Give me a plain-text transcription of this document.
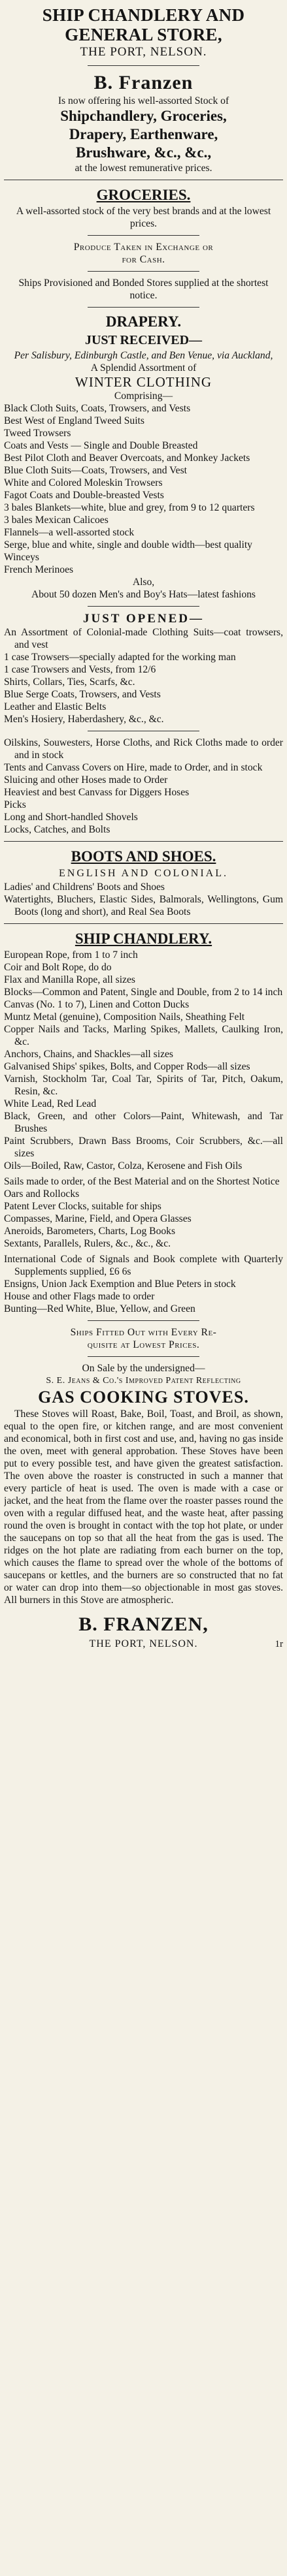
SHIP CHANDLERY AND
GENERAL STORE,
THE PORT, NELSON.
B. Franzen
Is now offering his well-assorted Stock of
Shipchandlery, Groceries,
Drapery, Earthenware,
Brushware, &c., &c.,
at the lowest remunerative prices.
GROCERIES.
A well-assorted stock of the very best brands and at the lowest prices.
Produce Taken in Exchange or
for Cash.
Ships Provisioned and Bonded Stores supplied at the shortest notice.
DRAPERY.
JUST RECEIVED—
Per Salisbury, Edinburgh Castle, and Ben Venue, via Auckland,
A Splendid Assortment of
WINTER CLOTHING
Comprising—
Black Cloth Suits, Coats, Trowsers, and Vests
Best West of England Tweed Suits
Tweed Trowsers
Coats and Vests — Single and Double Breasted
Best Pilot Cloth and Beaver Overcoats, and Monkey Jackets
Blue Cloth Suits—Coats, Trowsers, and Vest
White and Colored Moleskin Trowsers
Fagot Coats and Double-breasted Vests
3 bales Blankets—white, blue and grey, from 9 to 12 quarters
3 bales Mexican Calicoes
Flannels—a well-assorted stock
Serge, blue and white, single and double width—best quality
Winceys
French Merinoes
Also,
About 50 dozen Men's and Boy's Hats—latest fashions
JUST OPENED—
An Assortment of Colonial-made Clothing Suits—coat trowsers, and vest
1 case Trowsers—specially adapted for the working man
1 case Trowsers and Vests, from 12/6
Shirts, Collars, Ties, Scarfs, &c.
Blue Serge Coats, Trowsers, and Vests
Leather and Elastic Belts
Men's Hosiery, Haberdashery, &c., &c.
Oilskins, Souwesters, Horse Cloths, and Rick Cloths made to order and in stock
Tents and Canvass Covers on Hire, made to Order, and in stock
Sluicing and other Hoses made to Order
Heaviest and best Canvass for Diggers Hoses
Picks
Long and Short-handled Shovels
Locks, Catches, and Bolts
BOOTS AND SHOES.
ENGLISH AND COLONIAL.
Ladies' and Childrens' Boots and Shoes
Watertights, Bluchers, Elastic Sides, Balmorals, Wellingtons, Gum Boots (long and short), and Real Sea Boots
SHIP CHANDLERY.
European Rope, from 1 to 7 inch
Coir and Bolt Rope, do do
Flax and Manilla Rope, all sizes
Blocks—Common and Patent, Single and Double, from 2 to 14 inch
Canvas (No. 1 to 7), Linen and Cotton Ducks
Muntz Metal (genuine), Composition Nails, Sheathing Felt
Copper Nails and Tacks, Marling Spikes, Mallets, Caulking Iron, &c.
Anchors, Chains, and Shackles—all sizes
Galvanised Ships' spikes, Bolts, and Copper Rods—all sizes
Varnish, Stockholm Tar, Coal Tar, Spirits of Tar, Pitch, Oakum, Resin, &c.
White Lead, Red Lead
Black, Green, and other Colors—Paint, Whitewash, and Tar Brushes
Paint Scrubbers, Drawn Bass Brooms, Coir Scrubbers, &c.—all sizes
Oils—Boiled, Raw, Castor, Colza, Kerosene and Fish Oils
Sails made to order, of the Best Material and on the Shortest Notice
Oars and Rollocks
Patent Lever Clocks, suitable for ships
Compasses, Marine, Field, and Opera Glasses
Aneroids, Barometers, Charts, Log Books
Sextants, Parallels, Rulers, &c., &c., &c.
International Code of Signals and Book complete with Quarterly Supplements supplied, £6 6s
Ensigns, Union Jack Exemption and Blue Peters in stock
House and other Flags made to order
Bunting—Red White, Blue, Yellow, and Green
Ships Fitted Out with Every Re-
quisite at Lowest Prices.
On Sale by the undersigned—
S. E. Jeans & Co.'s Improved Patent Reflecting
GAS COOKING STOVES.
These Stoves will Roast, Bake, Boil, Toast, and Broil, as shown, equal to the open fire, or kitchen range, and are most convenient and economical, both in first cost and use, and, having no gas inside the oven, meet with general approbation. These Stoves have been put to every possible test, and have given the greatest satisfaction. The oven above the roaster is constructed in such a manner that every particle of heat is used. The oven is made with a case or jacket, and the heat from the flame over the roaster passes round the oven with a regular diffused heat, and the waste heat, after passing round the oven is brought in contact with the top hot plate, or under the saucepans on top so that all the heat from the gas is used. The ridges on the hot plate are radiating from each burner on the top, which causes the flame to spread over the whole of the bottoms of saucepans or kettles, and the burners are so constructed that no fat or water can drop into them—so objectionable in most gas stoves. All burners in this Stove are atmospheric.
B. FRANZEN,
THE PORT, NELSON.	1r
